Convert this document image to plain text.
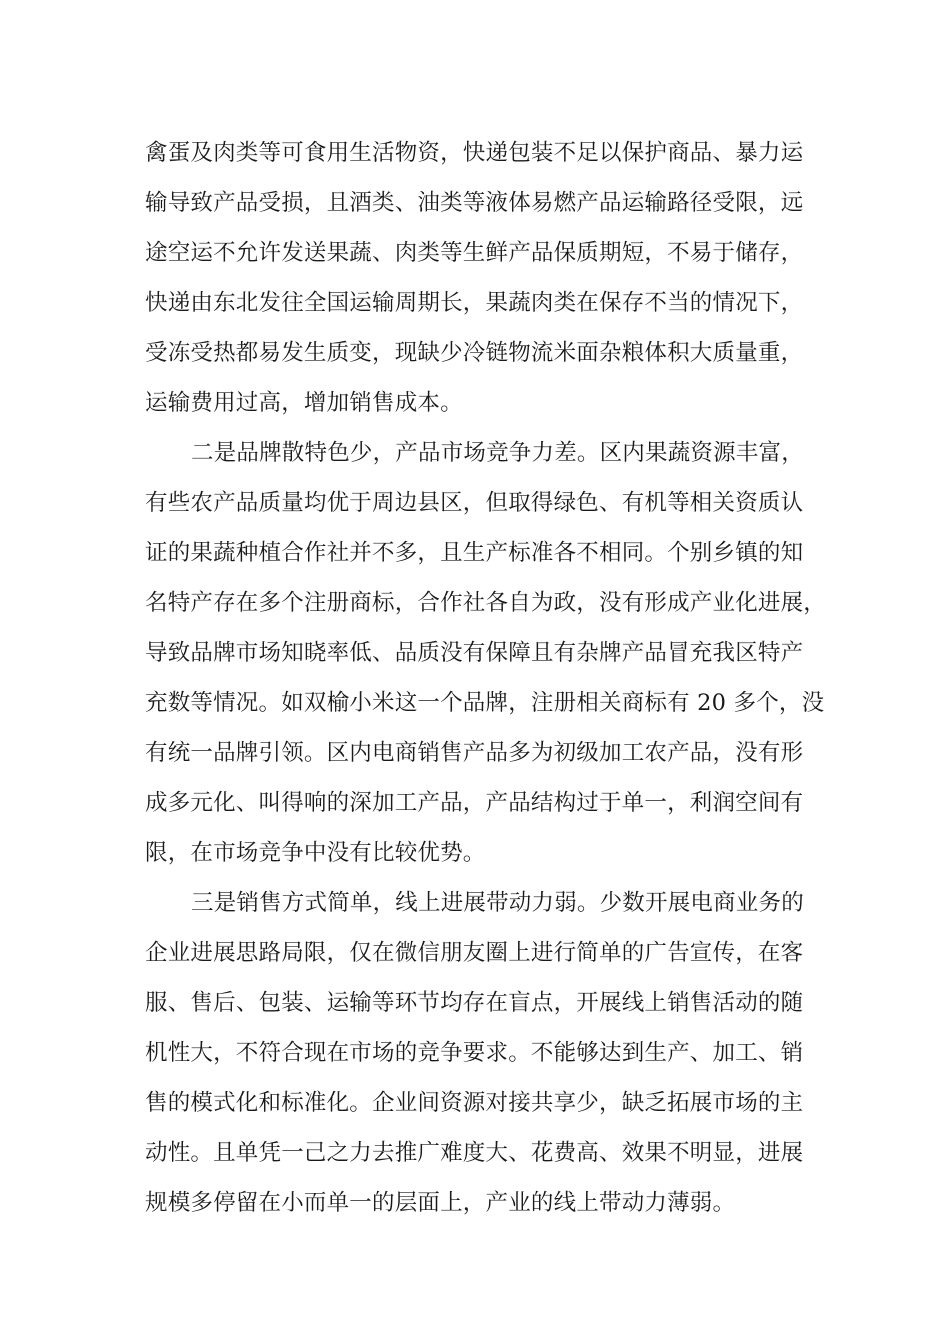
禽蛋及肉类等可食用生活物资，快递包装不足以保护商品、暴力运
输导致产品受损，且酒类、油类等液体易燃产品运输路径受限，远
途空运不允许发送果蔬、肉类等生鲜产品保质期短，不易于储存，
快递由东北发往全国运输周期长，果蔬肉类在保存不当的情况下，
受冻受热都易发生质变，现缺少冷链物流米面杂粮体积大质量重，
运输费用过高，增加销售成本。
二是品牌散特色少，产品市场竞争力差。区内果蔬资源丰富，
有些农产品质量均优于周边县区，但取得绿色、有机等相关资质认
证的果蔬种植合作社并不多，且生产标准各不相同。个别乡镇的知
名特产存在多个注册商标，合作社各自为政，没有形成产业化进展，
导致品牌市场知晓率低、品质没有保障且有杂牌产品冒充我区特产
充数等情况。如双榆小米这一个品牌，注册相关商标有 20 多个，没
有统一品牌引领。区内电商销售产品多为初级加工农产品，没有形
成多元化、叫得响的深加工产品，产品结构过于单一，利润空间有
限，在市场竞争中没有比较优势。
三是销售方式简单，线上进展带动力弱。少数开展电商业务的
企业进展思路局限，仅在微信朋友圈上进行简单的广告宣传，在客
服、售后、包装、运输等环节均存在盲点，开展线上销售活动的随
机性大，不符合现在市场的竞争要求。不能够达到生产、加工、销
售的模式化和标准化。企业间资源对接共享少，缺乏拓展市场的主
动性。且单凭一己之力去推广难度大、花费高、效果不明显，进展
规模多停留在小而单一的层面上，产业的线上带动力薄弱。
